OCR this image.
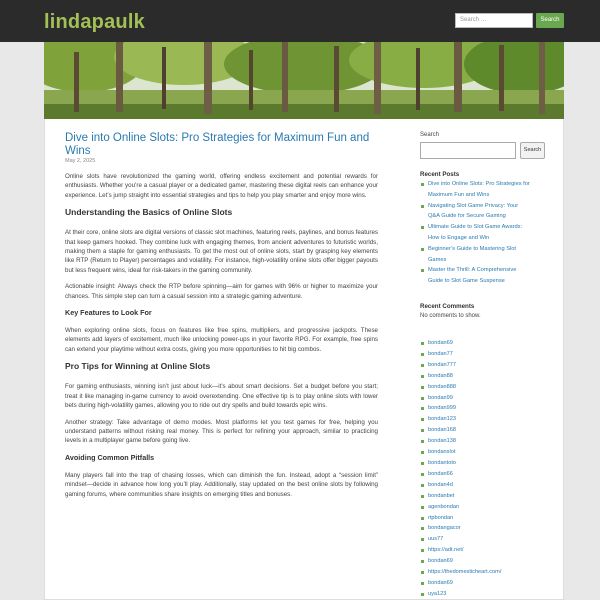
lindapaulk	Search …	Search
Dive into Online Slots: Pro Strategies for Maximum Fun and Wins
May 2, 2025

Online slots have revolutionized the gaming world, offering endless excitement and potential rewards for enthusiasts. Whether you’re a casual player or a dedicated gamer, mastering these digital reels can enhance your experience. Let’s jump straight into essential strategies and tips to help you play smarter and enjoy more wins.

Understanding the Basics of Online Slots

At their core, online slots are digital versions of classic slot machines, featuring reels, paylines, and bonus features that keep gamers hooked. They combine luck with engaging themes, from ancient adventures to futuristic worlds, making them a staple for gaming enthusiasts. To get the most out of online slots, start by grasping key elements like RTP (Return to Player) percentages and volatility. For instance, high-volatility online slots offer bigger payouts but less frequent wins, ideal for risk-takers in the gaming community.

Actionable insight: Always check the RTP before spinning—aim for games with 96% or higher to maximize your chances. This simple step can turn a casual session into a strategic gaming adventure.

Key Features to Look For

When exploring online slots, focus on features like free spins, multipliers, and progressive jackpots. These elements add layers of excitement, much like unlocking power-ups in your favorite RPG. For example, free spins can extend your playtime without extra costs, giving you more opportunities to hit big combos.

Pro Tips for Winning at Online Slots

For gaming enthusiasts, winning isn’t just about luck—it’s about smart decisions. Set a budget before you start; treat it like managing in-game currency to avoid overextending. One effective tip is to play online slots with lower bets during high-volatility games, allowing you to ride out dry spells and build towards epic wins.

Another strategy: Take advantage of demo modes. Most platforms let you test games for free, helping you understand patterns without risking real money. This is perfect for refining your approach, similar to practicing levels in a multiplayer game before going live.

Avoiding Common Pitfalls

Many players fall into the trap of chasing losses, which can diminish the fun. Instead, adopt a “session limit” mindset—decide in advance how long you’ll play. Additionally, stay updated on the best online slots by following gaming forums, where communities share insights on emerging titles and bonuses.

Search
Search
Recent Posts
Dive into Online Slots: Pro Strategies for
Maximum Fun and Wins
Navigating Slot Game Privacy: Your
Q&A Guide for Secure Gaming
Ultimate Guide to Slot Game Awards:
How to Engage and Win
Beginner’s Guide to Mastering Slot
Games
Master the Thrill: A Comprehensive
Guide to Slot Game Suspense
Recent Comments
No comments to show.
bondan69
bondan77
bondan777
bondan88
bondan888
bondan99
bondan999
bondan123
bondan168
bondan138
bondanslot
bondantoto
bondan66
bondan4d
bondanbet
agenbondan
rtpbondan
bondangacor
uus77
https://adt.net/
bondan69
https://thedomesticheart.com/
bondan69
uya123
